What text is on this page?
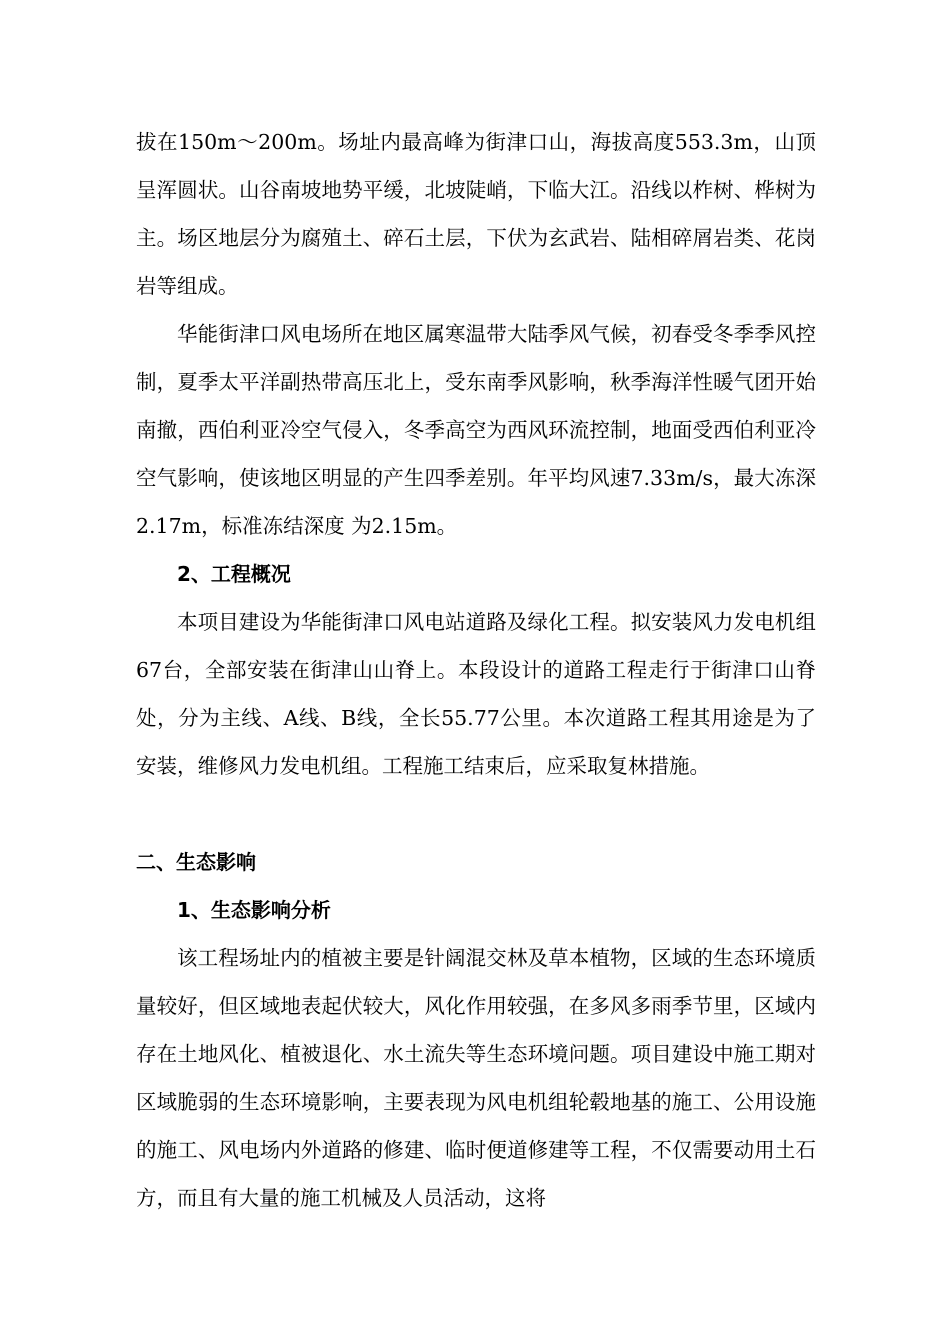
拔在150m～200m。场址内最高峰为街津口山，海拔高度553.3m，山顶呈浑圆状。山谷南坡地势平缓，北坡陡峭，下临大江。沿线以柞树、桦树为主。场区地层分为腐殖土、碎石土层，下伏为玄武岩、陆相碎屑岩类、花岗岩等组成。

华能街津口风电场所在地区属寒温带大陆季风气候，初春受冬季季风控制，夏季太平洋副热带高压北上，受东南季风影响，秋季海洋性暖气团开始南撤，西伯利亚冷空气侵入，冬季高空为西风环流控制，地面受西伯利亚冷空气影响，使该地区明显的产生四季差别。年平均风速7.33m/s，最大冻深2.17m，标准冻结深度 为2.15m。

2、工程概况

本项目建设为华能街津口风电站道路及绿化工程。拟安装风力发电机组67台，全部安装在街津山山脊上。本段设计的道路工程走行于街津口山脊处，分为主线、A线、B线，全长55.77公里。本次道路工程其用途是为了安装，维修风力发电机组。工程施工结束后，应采取复林措施。

二、生态影响

1、生态影响分析

该工程场址内的植被主要是针阔混交林及草本植物，区域的生态环境质量较好，但区域地表起伏较大，风化作用较强，在多风多雨季节里，区域内存在土地风化、植被退化、水土流失等生态环境问题。项目建设中施工期对区域脆弱的生态环境影响，主要表现为风电机组轮毂地基的施工、公用设施的施工、风电场内外道路的修建、临时便道修建等工程，不仅需要动用土石方，而且有大量的施工机械及人员活动，这将
